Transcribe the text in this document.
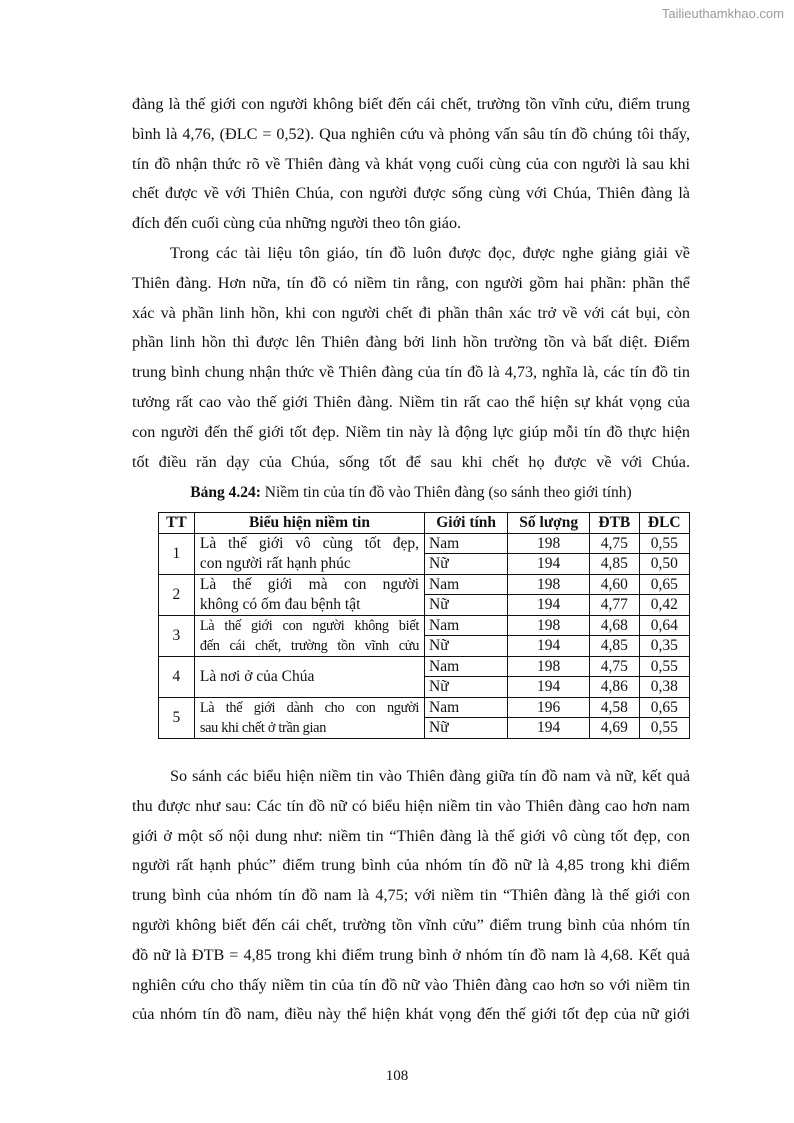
Tailieuthamkhao.com
đàng là thế giới con người không biết đến cái chết, trường tồn vĩnh cửu, điểm trung
bình là 4,76, (ĐLC = 0,52). Qua nghiên cứu và phỏng vấn sâu tín đồ chúng tôi thấy,
tín đồ nhận thức rõ về Thiên đàng và khát vọng cuối cùng của con người là sau khi
chết được về với Thiên Chúa, con người được sống cùng với Chúa, Thiên đàng là
đích đến cuối cùng của những người theo tôn giáo.
Trong các tài liệu tôn giáo, tín đồ luôn được đọc, được nghe giảng giải về
Thiên đàng. Hơn nữa, tín đồ có niềm tin rằng, con người gồm hai phần: phần thể
xác và phần linh hồn, khi con người chết đi phần thân xác trở về với cát bụi, còn
phần linh hồn thì được lên Thiên đàng bởi linh hồn trường tồn và bất diệt. Điểm
trung bình chung nhận thức về Thiên đàng của tín đồ là 4,73, nghĩa là, các tín đồ tin
tưởng rất cao vào thế giới Thiên đàng. Niềm tin rất cao thể hiện sự khát vọng của
con người đến thế giới tốt đẹp. Niềm tin này là động lực giúp mỗi tín đồ thực hiện
tốt điều răn dạy của Chúa, sống tốt để sau khi chết họ được về với Chúa.
Bảng 4.24: Niềm tin của tín đồ vào Thiên đàng (so sánh theo giới tính)
TT	Biểu hiện niềm tin	Giới tính	Số lượng	ĐTB	ĐLC
1	Là thế giới vô cùng tốt đẹp,
con người rất hạnh phúc	Nam	198	4,75	0,55
		Nữ	194	4,85	0,50
2	Là thế giới mà con người
không có ốm đau bệnh tật	Nam	198	4,60	0,65
		Nữ	194	4,77	0,42
3	Là thế giới con người không biết
đến cái chết, trường tồn vĩnh cửu	Nam	198	4,68	0,64
		Nữ	194	4,85	0,35
4	Là nơi ở của Chúa	Nam	198	4,75	0,55
		Nữ	194	4,86	0,38
5	Là thế giới dành cho con người
sau khi chết ở trần gian	Nam	196	4,58	0,65
		Nữ	194	4,69	0,55
So sánh các biểu hiện niềm tin vào Thiên đàng giữa tín đồ nam và nữ, kết quả
thu được như sau: Các tín đồ nữ có biểu hiện niềm tin vào Thiên đàng cao hơn nam
giới ở một số nội dung như: niềm tin “Thiên đàng là thế giới vô cùng tốt đẹp, con
người rất hạnh phúc” điểm trung bình của nhóm tín đồ nữ là 4,85 trong khi điểm
trung bình của nhóm tín đồ nam là 4,75; với niềm tin “Thiên đàng là thế giới con
người không biết đến cái chết, trường tồn vĩnh cửu” điểm trung bình của nhóm tín
đồ nữ là ĐTB = 4,85 trong khi điểm trung bình ở nhóm tín đồ nam là 4,68. Kết quả
nghiên cứu cho thấy niềm tin của tín đồ nữ vào Thiên đàng cao hơn so với niềm tin
của nhóm tín đồ nam, điều này thể hiện khát vọng đến thế giới tốt đẹp của nữ giới
108
